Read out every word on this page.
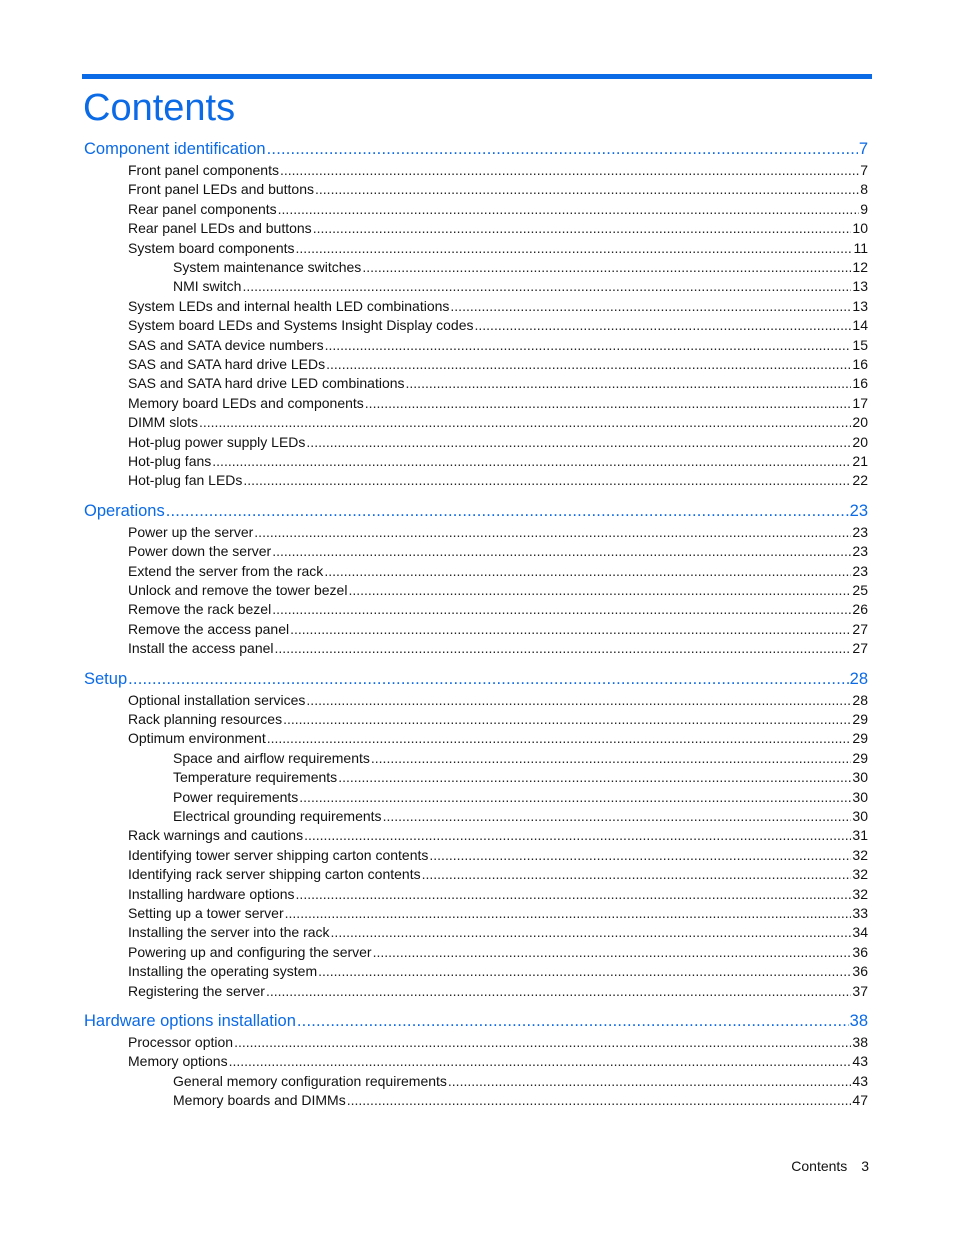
Contents
Component identification .....	7
Front panel components .....	7
Front panel LEDs and buttons .....	8
Rear panel components .....	9
Rear panel LEDs and buttons .....	10
System board components .....	11
System maintenance switches .....	12
NMI switch .....	13
System LEDs and internal health LED combinations .....	13
System board LEDs and Systems Insight Display codes .....	14
SAS and SATA device numbers .....	15
SAS and SATA hard drive LEDs .....	16
SAS and SATA hard drive LED combinations .....	16
Memory board LEDs and components .....	17
DIMM slots .....	20
Hot-plug power supply LEDs .....	20
Hot-plug fans .....	21
Hot-plug fan LEDs .....	22
Operations .....	23
Power up the server .....	23
Power down the server .....	23
Extend the server from the rack .....	23
Unlock and remove the tower bezel .....	25
Remove the rack bezel .....	26
Remove the access panel .....	27
Install the access panel .....	27
Setup .....	28
Optional installation services .....	28
Rack planning resources .....	29
Optimum environment .....	29
Space and airflow requirements .....	29
Temperature requirements .....	30
Power requirements .....	30
Electrical grounding requirements .....	30
Rack warnings and cautions .....	31
Identifying tower server shipping carton contents .....	32
Identifying rack server shipping carton contents .....	32
Installing hardware options .....	32
Setting up a tower server .....	33
Installing the server into the rack .....	34
Powering up and configuring the server .....	36
Installing the operating system .....	36
Registering the server .....	37
Hardware options installation .....	38
Processor option .....	38
Memory options .....	43
General memory configuration requirements .....	43
Memory boards and DIMMs .....	47
Contents 3
